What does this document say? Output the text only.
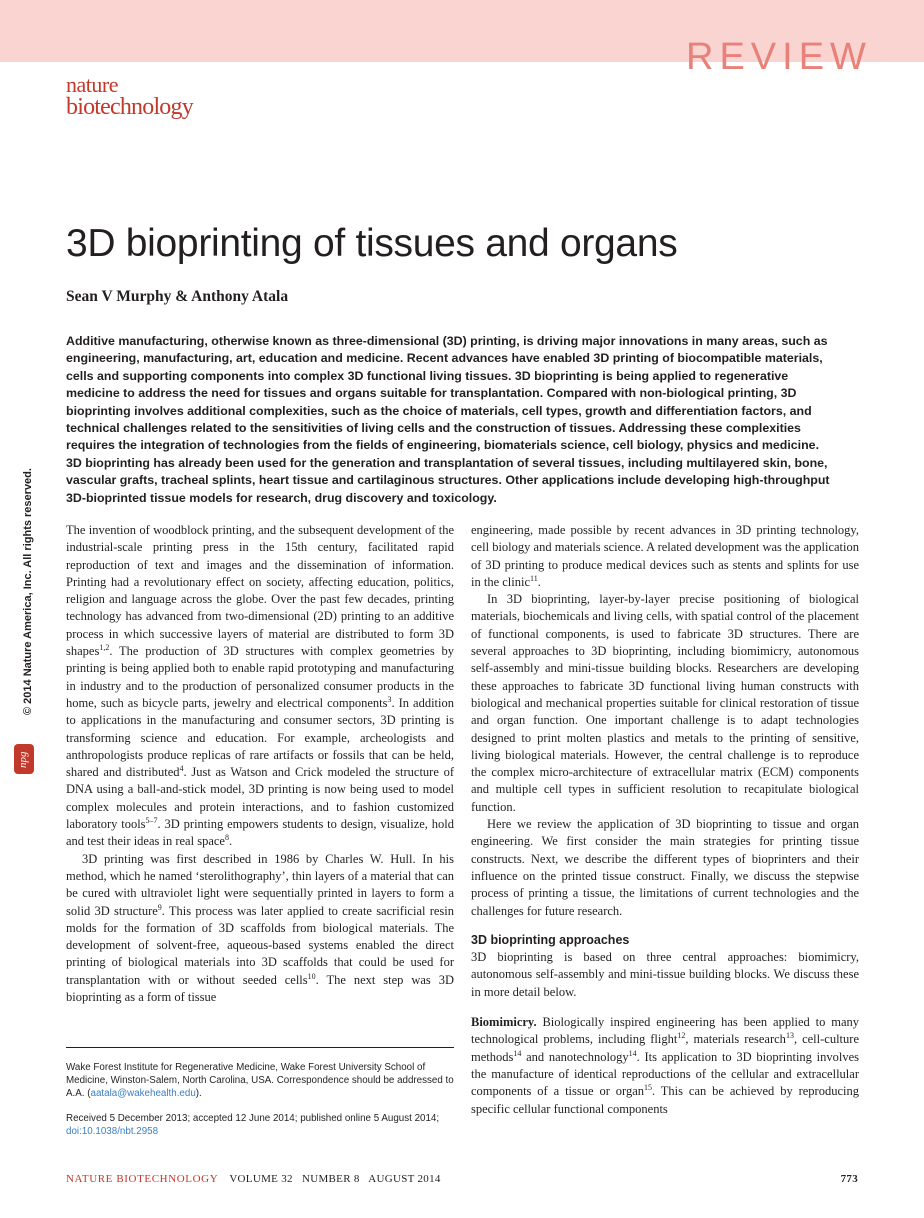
REVIEW
nature
biotechnology
© 2014 Nature America, Inc. All rights reserved.
npg
3D bioprinting of tissues and organs
Sean V Murphy & Anthony Atala
Additive manufacturing, otherwise known as three-dimensional (3D) printing, is driving major innovations in many areas, such as
engineering, manufacturing, art, education and medicine. Recent advances have enabled 3D printing of biocompatible materials,
cells and supporting components into complex 3D functional living tissues. 3D bioprinting is being applied to regenerative
medicine to address the need for tissues and organs suitable for transplantation. Compared with non-biological printing, 3D
bioprinting involves additional complexities, such as the choice of materials, cell types, growth and differentiation factors, and
technical challenges related to the sensitivities of living cells and the construction of tissues. Addressing these complexities
requires the integration of technologies from the fields of engineering, biomaterials science, cell biology, physics and medicine.
3D bioprinting has already been used for the generation and transplantation of several tissues, including multilayered skin, bone,
vascular grafts, tracheal splints, heart tissue and cartilaginous structures. Other applications include developing high-throughput
3D-bioprinted tissue models for research, drug discovery and toxicology.

The invention of woodblock printing, and the subsequent development of the industrial-scale printing press in the 15th century, facilitated rapid reproduction of text and images and the dissemination of information. Printing had a revolutionary effect on society, affecting education, politics, religion and language across the globe. Over the past few decades, printing technology has advanced from two-dimensional (2D) printing to an additive process in which successive layers of material are distributed to form 3D shapes$^{1,2}$. The production of 3D structures with complex geometries by printing is being applied both to enable rapid prototyping and manufacturing in industry and to the production of personalized consumer products in the home, such as bicycle parts, jewelry and electrical components$^3$. In addition to applications in the manufacturing and consumer sectors, 3D printing is transforming science and education. For example, archeologists and anthropologists produce replicas of rare artifacts or fossils that can be held, shared and distributed$^4$. Just as Watson and Crick modeled the structure of DNA using a ball-and-stick model, 3D printing is now being used to model complex molecules and protein interactions, and to fashion customized laboratory tools$^{5-7}$. 3D printing empowers students to design, visualize, hold and test their ideas in real space$^8$.

3D printing was first described in 1986 by Charles W. Hull. In his method, which he named ‘sterolithography’, thin layers of a material that can be cured with ultraviolet light were sequentially printed in layers to form a solid 3D structure$^9$. This process was later applied to create sacrificial resin molds for the formation of 3D scaffolds from biological materials. The development of solvent-free, aqueous-based systems enabled the direct printing of biological materials into 3D scaffolds that could be used for transplantation with or without seeded cells$^{10}$. The next step was 3D bioprinting as a form of tissue

Wake Forest Institute for Regenerative Medicine, Wake Forest University School of Medicine, Winston-Salem, North Carolina, USA. Correspondence should be addressed to A.A. (aatala@wakehealth.edu).
Received 5 December 2013; accepted 12 June 2014; published online 5 August 2014; doi:10.1038/nbt.2958

engineering, made possible by recent advances in 3D printing technology, cell biology and materials science. A related development was the application of 3D printing to produce medical devices such as stents and splints for use in the clinic$^{11}$.

In 3D bioprinting, layer-by-layer precise positioning of biological materials, biochemicals and living cells, with spatial control of the placement of functional components, is used to fabricate 3D structures. There are several approaches to 3D bioprinting, including biomimicry, autonomous self-assembly and mini-tissue building blocks. Researchers are developing these approaches to fabricate 3D functional living human constructs with biological and mechanical properties suitable for clinical restoration of tissue and organ function. One important challenge is to adapt technologies designed to print molten plastics and metals to the printing of sensitive, living biological materials. However, the central challenge is to reproduce the complex micro-architecture of extracellular matrix (ECM) components and multiple cell types in sufficient resolution to recapitulate biological function.

Here we review the application of 3D bioprinting to tissue and organ engineering. We first consider the main strategies for printing tissue constructs. Next, we describe the different types of bioprinters and their influence on the printed tissue construct. Finally, we discuss the stepwise process of printing a tissue, the limitations of current technologies and the challenges for future research.

3D bioprinting approaches

3D bioprinting is based on three central approaches: biomimicry, autonomous self-assembly and mini-tissue building blocks. We discuss these in more detail below.

Biomimicry. Biologically inspired engineering has been applied to many technological problems, including flight$^{12}$, materials research$^{13}$, cell-culture methods$^{14}$ and nanotechnology$^{14}$. Its application to 3D bioprinting involves the manufacture of identical reproductions of the cellular and extracellular components of a tissue or organ$^{15}$. This can be achieved by reproducing specific cellular functional components

NATURE BIOTECHNOLOGY VOLUME 32   NUMBER 8   AUGUST 2014	773
